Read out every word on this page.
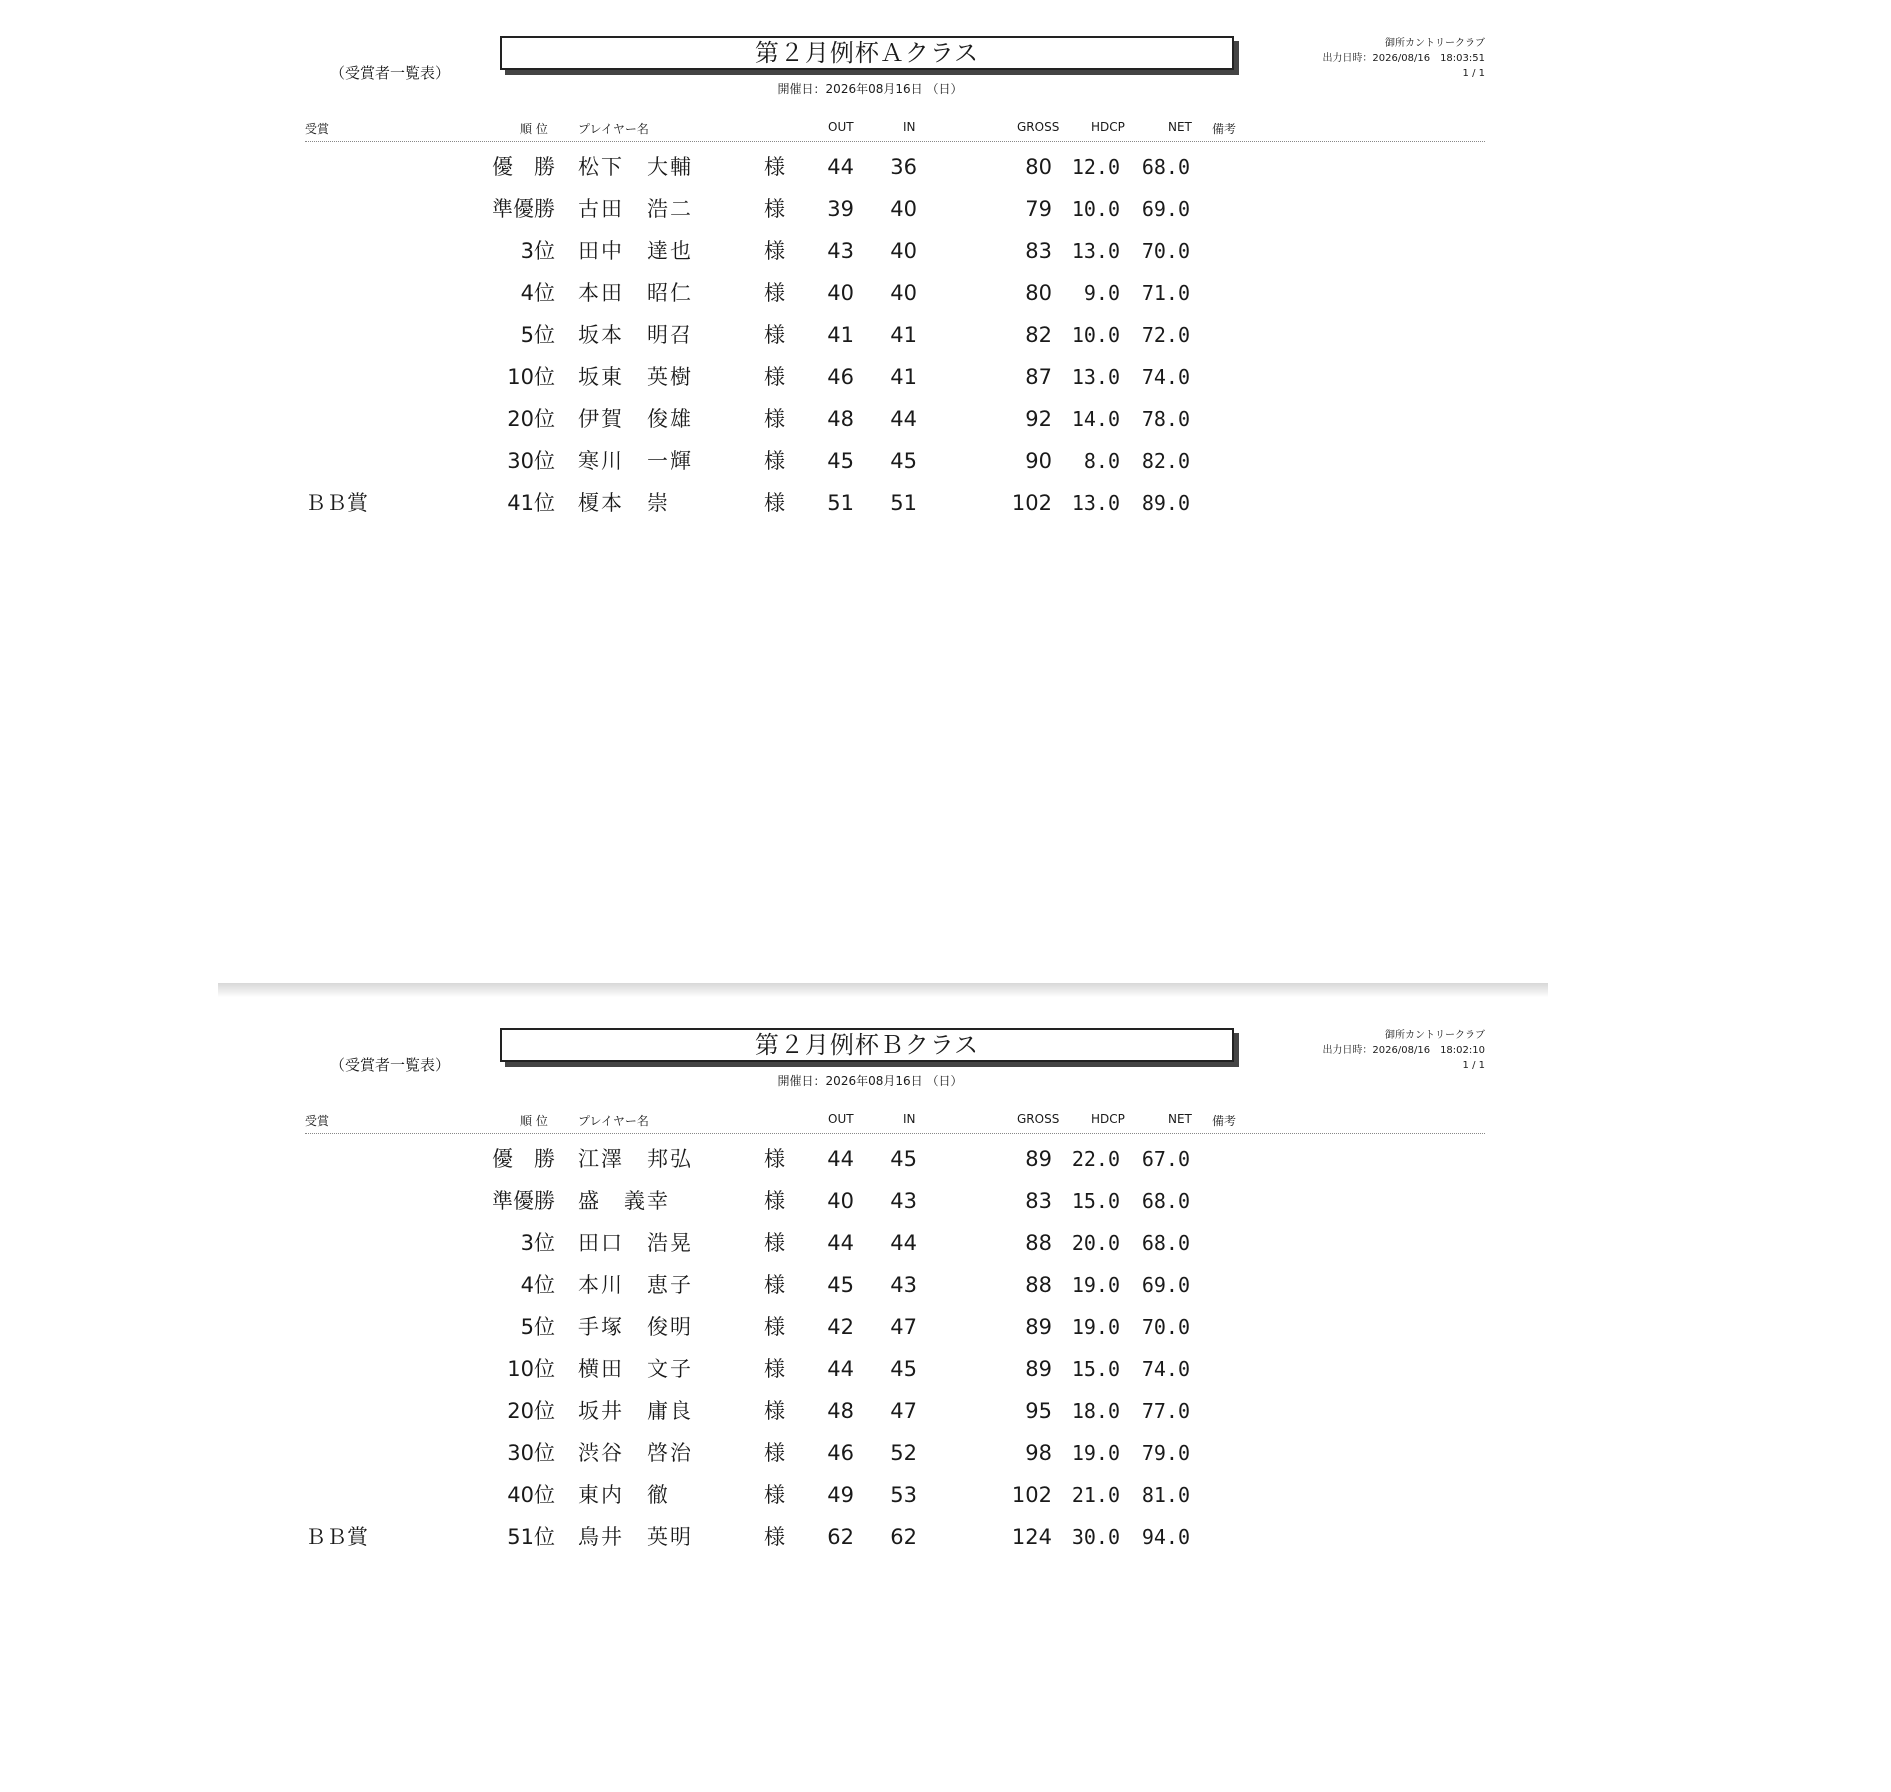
（受賞者一覧表）
第２月例杯Ａクラス
開催日：2026年08月16日 （日）
御所カントリークラブ
出力日時：2026/08/16　18:03:51
1 / 1
受賞	順 位	プレイヤー名	OUT	IN	GROSS	HDCP	NET 備考
優　勝 松下　大輔	様	44	36	80 12.0	68.0
準優勝 古田　浩二	様	39	40	79 10.0	69.0
3位 田中　達也	様	43	40	83 13.0	70.0
4位 本田　昭仁	様	40	40	80	9.0	71.0
5位 坂本　明召	様	41	41	82 10.0	72.0
10位 坂東　英樹	様	46	41	87 13.0	74.0
20位 伊賀　俊雄	様	48	44	92 14.0	78.0
30位 寒川　一輝	様	45	45	90	8.0	82.0
ＢＢ賞	41位 榎本　崇	様	51	51	102 13.0	89.0
（受賞者一覧表）
第２月例杯Ｂクラス
開催日：2026年08月16日 （日）
御所カントリークラブ
出力日時：2026/08/16　18:02:10
1 / 1
受賞	順 位	プレイヤー名	OUT	IN	GROSS	HDCP	NET 備考
優　勝 江澤　邦弘	様	44	45	89 22.0	67.0
準優勝 盛　義幸	様	40	43	83 15.0	68.0
3位 田口　浩晃	様	44	44	88 20.0	68.0
4位 本川　恵子	様	45	43	88 19.0	69.0
5位 手塚　俊明	様	42	47	89 19.0	70.0
10位 横田　文子	様	44	45	89 15.0	74.0
20位 坂井　庸良	様	48	47	95 18.0	77.0
30位 渋谷　啓治	様	46	52	98 19.0	79.0
40位 東内　徹	様	49	53	102 21.0	81.0
ＢＢ賞	51位 鳥井　英明	様	62	62	124 30.0	94.0
